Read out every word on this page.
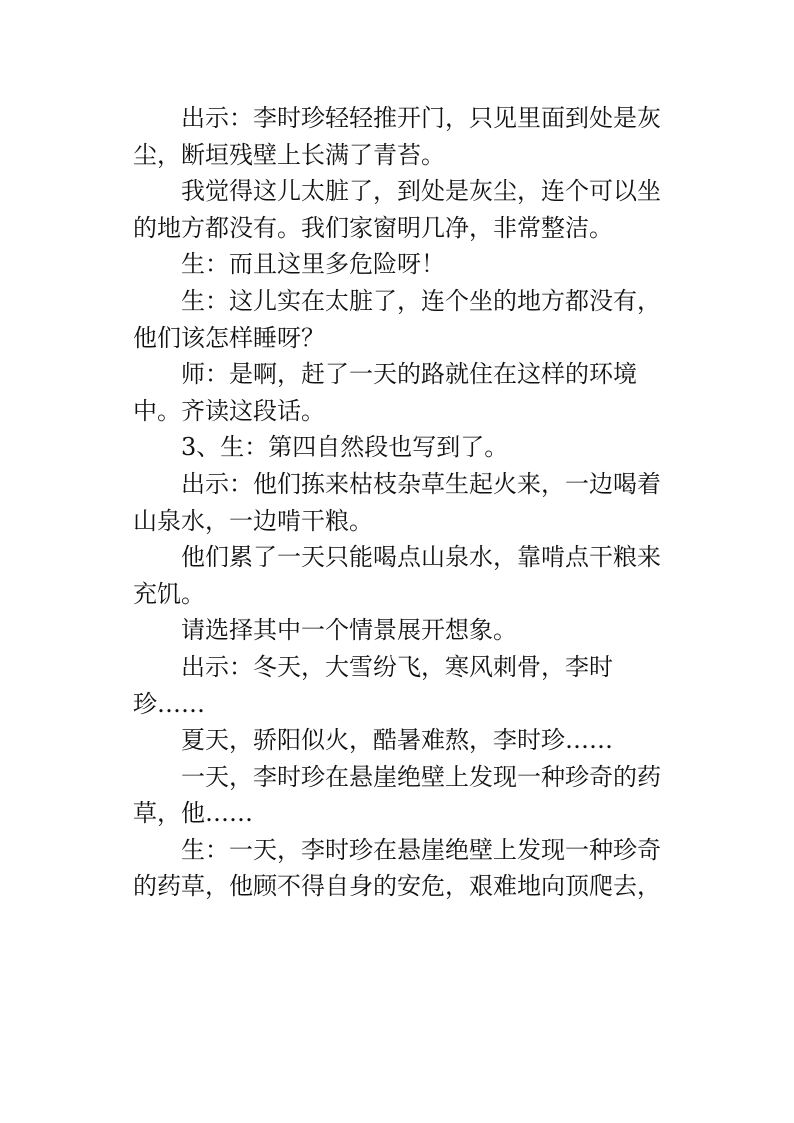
出示：李时珍轻轻推开门，只见里面到处是灰尘，断垣残壁上长满了青苔。

我觉得这儿太脏了，到处是灰尘，连个可以坐的地方都没有。我们家窗明几净，非常整洁。

生：而且这里多危险呀！

生：这儿实在太脏了，连个坐的地方都没有，他们该怎样睡呀？

师：是啊，赶了一天的路就住在这样的环境中。齐读这段话。

3、生：第四自然段也写到了。

出示：他们拣来枯枝杂草生起火来，一边喝着山泉水，一边啃干粮。

他们累了一天只能喝点山泉水，靠啃点干粮来充饥。

请选择其中一个情景展开想象。

出示：冬天，大雪纷飞，寒风刺骨，李时珍……

夏天，骄阳似火，酷暑难熬，李时珍……

一天，李时珍在悬崖绝壁上发现一种珍奇的药草，他……

生：一天，李时珍在悬崖绝壁上发现一种珍奇的药草，他顾不得自身的安危，艰难地向顶爬去，
